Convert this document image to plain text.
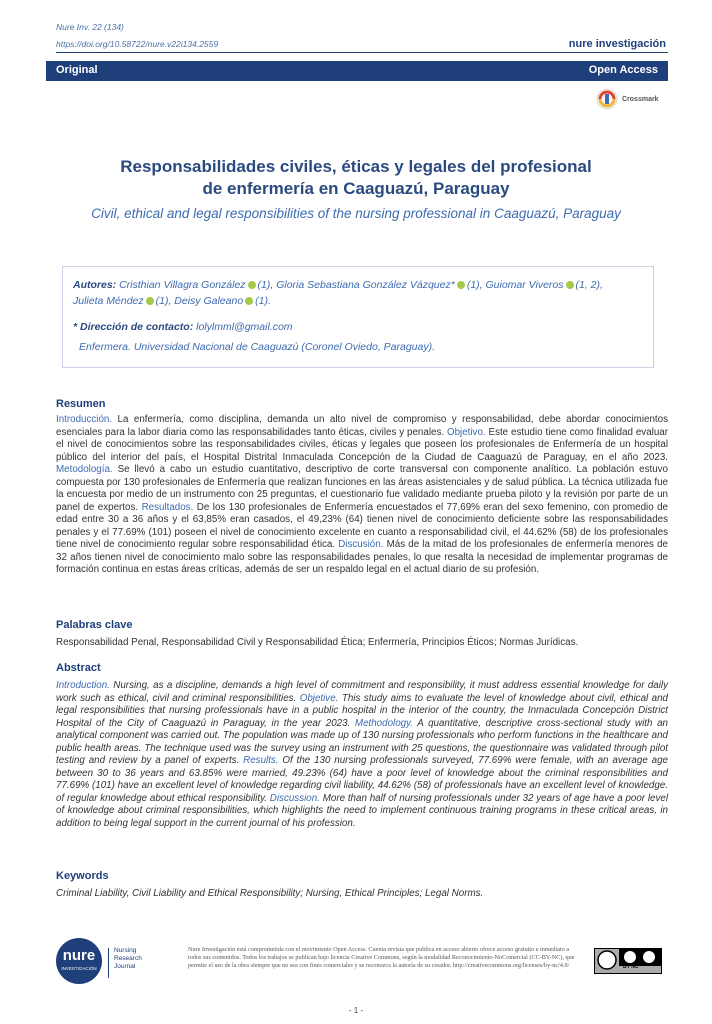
Nure Inv. 22 (134)
https://doi.org/10.58722/nure.v22i134.2559	nure investigación
Original	Open Access
Crossmark
Responsabilidades civiles, éticas y legales del profesional
de enfermería en Caaguazú, Paraguay
Civil, ethical and legal responsibilities of the nursing professional in Caaguazú, Paraguay

Autores: Cristhian Villagra González (1), Gloria Sebastiana González Vázquez* (1), Guiomar Viveros (1, 2),

Julieta Méndez (1), Deisy Galeano (1).

* Dirección de contacto: lolylmml@gmail.com

Enfermera. Universidad Nacional de Caaguazú (Coronel Oviedo, Paraguay).

Resumen
Introducción. La enfermería, como disciplina, demanda un alto nivel de compromiso y responsabilidad, debe abordar conocimientos esenciales para la labor diaria como las responsabilidades tanto éticas, civiles y penales. Objetivo. Este estudio tiene como finalidad evaluar el nivel de conocimientos sobre las responsabilidades civiles, éticas y legales que poseen los profesionales de Enfermería de un hospital público del interior del país, el Hospital Distrital Inmaculada Concepción de la Ciudad de Caaguazú de Paraguay, en el año 2023. Metodología. Se llevó a cabo un estudio cuantitativo, descriptivo de corte transversal con componente analítico. La población estuvo compuesta por 130 profesionales de Enfermería que realizan funciones en las áreas asistenciales y de salud pública. La técnica utilizada fue la encuesta por medio de un instrumento con 25 preguntas, el cuestionario fue validado mediante prueba piloto y la revisión por parte de un panel de expertos. Resultados. De los 130 profesionales de Enfermería encuestados el 77,69% eran del sexo femenino, con promedio de edad entre 30 a 36 años y el 63,85% eran casados, el 49,23% (64) tienen nivel de conocimiento deficiente sobre las responsabilidades penales y el 77.69% (101) poseen el nivel de conocimiento excelente en cuanto a responsabilidad civil, el 44.62% (58) de los profesionales tiene nivel de conocimiento regular sobre responsabilidad ética. Discusión. Más de la mitad de los profesionales de enfermería menores de 32 años tienen nivel de conocimiento malo sobre las responsabilidades penales, lo que resalta la necesidad de implementar programas de formación continua en estas áreas críticas, además de ser un respaldo legal en el actual diario de su profesión.
Palabras clave
Responsabilidad Penal, Responsabilidad Civil y Responsabilidad Ética; Enfermería, Principios Éticos; Normas Jurídicas.
Abstract
Introduction. Nursing, as a discipline, demands a high level of commitment and responsibility, it must address essential knowledge for daily work such as ethical, civil and criminal responsibilities. Objetive. This study aims to evaluate the level of knowledge about civil, ethical and legal responsibilities that nursing professionals have in a public hospital in the interior of the country, the Inmaculada Concepción District Hospital of the City of Caaguazú in Paraguay, in the year 2023. Methodology. A quantitative, descriptive cross-sectional study with an analytical component was carried out. The population was made up of 130 nursing professionals who perform functions in the healthcare and public health areas. The technique used was the survey using an instrument with 25 questions, the questionnaire was validated through pilot testing and review by a panel of experts. Results. Of the 130 nursing professionals surveyed, 77.69% were female, with an average age between 30 to 36 years and 63.85% were married, 49.23% (64) have a poor level of knowledge about the criminal responsibilities and 77.69% (101) have an excellent level of knowledge regarding civil liability, 44.62% (58) of professionals have an excellent level of knowledge. of regular knowledge about ethical responsibility. Discussion. More than half of nursing professionals under 32 years of age have a poor level of knowledge about criminal responsibilities, which highlights the need to implement continuous training programs in these critical areas, in addition to being legal support in the current journal of his profession.
Keywords
Criminal Liability, Civil Liability and Ethical Responsibility; Nursing, Ethical Principles; Legal Norms.
nure
INVESTIGACIÓN
Nursing
Research
Journal
Nure Investigación está comprometida con el movimiento Open Access. Cuenta revista que publica en acceso abierto ofrece acceso gratuito e inmediato a todos sus contenidos. Todos los trabajos se publican bajo licencia Creative Commons, según la modalidad Reconocimiento-NoComercial (CC-BY-NC), que permite el uso de la obra siempre que no sea con fines comerciales y se reconozca la autoría de su creador. http://creativecommons.org/licenses/by-nc/4.0/	BY NC
- 1 -
